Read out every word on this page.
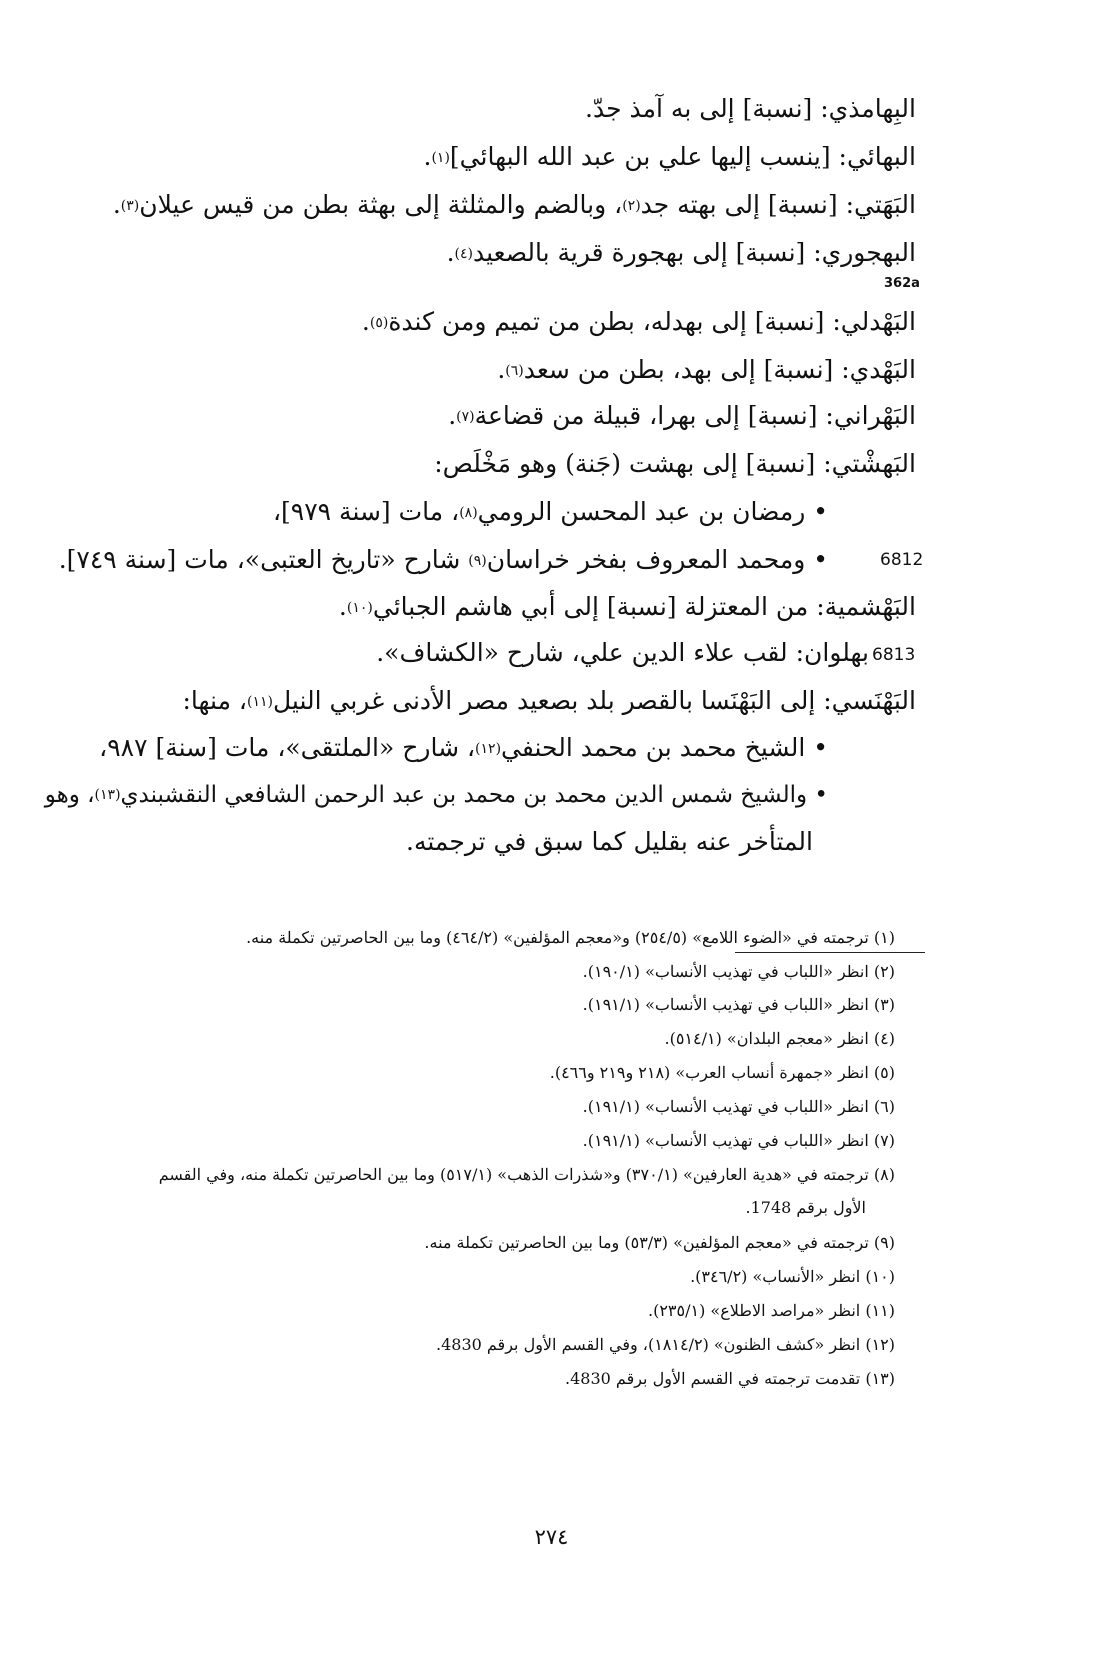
البِهامذي: [نسبة] إلى به آمذ جدّ.
البهائي: [ينسب إليها علي بن عبد الله البهائي]$^{(١)}$.
البَهَتي: [نسبة] إلى بهته جد$^{(٢)}$، وبالضم والمثلثة إلى بهثة بطن من قيس عيلان$^{(٣)}$.
البهجوري: [نسبة] إلى بهجورة قرية بالصعيد$^{(٤)}$.
362a
البَهْدلي: [نسبة] إلى بهدله، بطن من تميم ومن كندة$^{(٥)}$.
البَهْدي: [نسبة] إلى بهد، بطن من سعد$^{(٦)}$.
البَهْراني: [نسبة] إلى بهرا، قبيلة من قضاعة$^{(٧)}$.
البَهشْتي: [نسبة] إلى بهشت (جَنة) وهو مَخْلَص:
• رمضان بن عبد المحسن الرومي$^{(٨)}$، مات [سنة ٩٧٩]،
6812
• ومحمد المعروف بفخر خراسان$^{(٩)}$ شارح «تاريخ العتبى»، مات [سنة ٧٤٩].
البَهْشمية: من المعتزلة [نسبة] إلى أبي هاشم الجبائي$^{(١٠)}$.
6813
بهلوان: لقب علاء الدين علي، شارح «الكشاف».
البَهْنَسي: إلى البَهْنَسا بالقصر بلد بصعيد مصر الأدنى غربي النيل$^{(١١)}$، منها:
• الشيخ محمد بن محمد الحنفي$^{(١٢)}$، شارح «الملتقى»، مات [سنة] ٩٨٧،
• والشيخ شمس الدين محمد بن محمد بن عبد الرحمن الشافعي النقشبندي$^{(١٣)}$، وهو
المتأخر عنه بقليل كما سبق في ترجمته.
(١) ترجمته في «الضوء اللامع» (٢٥٤/٥) و«معجم المؤلفين» (٤٦٤/٢) وما بين الحاصرتين تكملة منه.
(٢) انظر «اللباب في تهذيب الأنساب» (١٩٠/١).
(٣) انظر «اللباب في تهذيب الأنساب» (١٩١/١).
(٤) انظر «معجم البلدان» (٥١٤/١).
(٥) انظر «جمهرة أنساب العرب» (٢١٨ و٢١٩ و٤٦٦).
(٦) انظر «اللباب في تهذيب الأنساب» (١٩١/١).
(٧) انظر «اللباب في تهذيب الأنساب» (١٩١/١).
(٨) ترجمته في «هدية العارفين» (٣٧٠/١) و«شذرات الذهب» (٥١٧/١) وما بين الحاصرتين تكملة منه، وفي القسم
الأول برقم 1748.
(٩) ترجمته في «معجم المؤلفين» (٥٣/٣) وما بين الحاصرتين تكملة منه.
(١٠) انظر «الأنساب» (٣٤٦/٢).
(١١) انظر «مراصد الاطلاع» (٢٣٥/١).
(١٢) انظر «كشف الظنون» (١٨١٤/٢)، وفي القسم الأول برقم 4830.
(١٣) تقدمت ترجمته في القسم الأول برقم 4830.
٢٧٤
